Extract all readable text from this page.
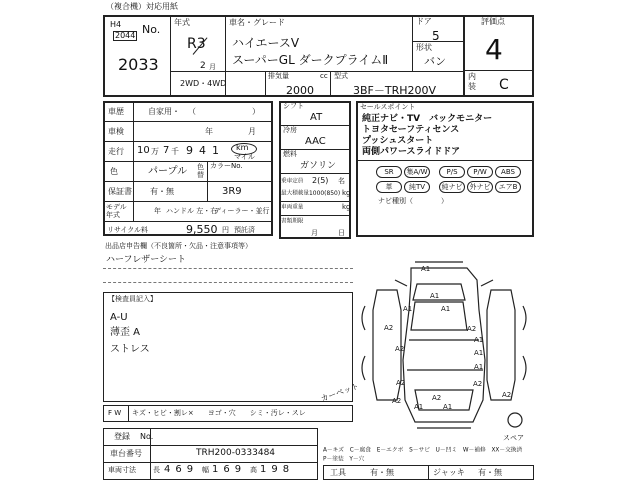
（複合機）対応用紙
H4
2044 No.
2033
年式
R3
2 月
車名・グレード
ハイエースV
スーパーGL ダークプライムⅡ
ドア
5
形状
バン
評価点
4
内
装 C
2WD・4WD
排気量	cc
2000
型式
3BF－TRH200V
車歴	自家用・ （　　　　　　　）
車検	年	月
走行 10 万 7 千 941 km
マイル
色	パープル 色
替
カラーNo.
3R9
保証書 有・無
モデル
年式	年 ハンドル 左・右
ディーラー・並行
リサイクル料	9,550 円 預託済
シフト
AT
冷房
AAC
燃料
ガソリン
乗車定員 2(5) 名
最大積載量 1000(850) kg
車両重量	kg
書類期限
月	日
セールスポイント
純正ナビ・TV　バックモニター
トヨタセーフティセンス
プッシュスタート
両側パワースライドドア
SR	集A/W	P/S	P/W	ABS
革	純TV	純ナビ	外ナビ	エアB
ナビ種別（　　　　）
出品店申告欄（不良箇所・欠品・注意事項等）
ハーフレザーシート
【検査員記入】
A-U
薄歪 A
ストレス
A1
A1
A1	A1
A2	A2
A1
A1
A1
A2
A2	A2
A2
A1	A1
A2
A2
スペア
F W キズ・ヒビ・割レ×　　ヨゴ・穴　　シミ・汚レ・スレ
カーペット
登録 No.
車台番号	TRH200-0333484
車両寸法 長 469 幅 169 高 198
A－キズ　C－腐食　E－エクボ　S－サビ　U－凹ミ　W－補修　XX－交換済
P－塗装　Y－穴
工具	有・無	ジャッキ 有・無
